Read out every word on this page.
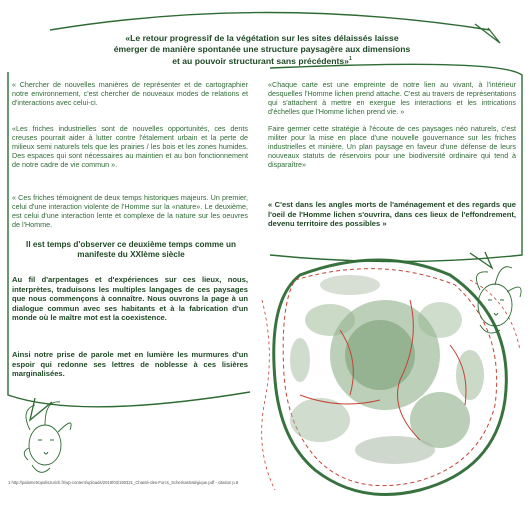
«Le retour progressif de la végétation sur les sites délaissés laisse émerger de manière spontanée une structure paysagère aux dimensions et au pouvoir structurant sans précédents»$^1$
« Chercher de nouvelles manières de représenter et de cartographier notre environnement, c'est chercher de nouveaux modes de relations et d'interactions avec celui-ci.
«Les friches industrielles sont de nouvelles opportunités, ces dents creuses pourrait aider à lutter contre l'étalement urbain et la perte de milieux semi naturels tels que les prairies / les bois et les zones humides. Des espaces qui sont nécessaires au maintien et au bon fonctionnement de notre cadre de vie commun ».
« Ces friches témoignent de deux temps historiques majeurs. Un premier, celui d'une interaction violente de l'Homme sur la «nature». Le deuxième, est celui d'une interaction lente et complexe de la nature sur les oeuvres de l'Homme.
Il est temps d'observer ce deuxième temps comme un manifeste du XXIème siècle
Au fil d'arpentages et d'expériences sur ces lieux, nous, interprètes, traduisons les multiples langages de ces paysages que nous commençons à connaître. Nous ouvrons la page à un dialogue commun avec ses habitants et à la fabrication d'un monde où le maître mot est la coexistence.
Ainsi notre prise de parole met en lumière les murmures d'un espoir qui redonne ses lettres de noblesse à ces lisières marginalisées.
«Chaque carte est une empreinte de notre lien au vivant, à l'intérieur desquelles l'Homme lichen prend attache. C'est au travers de représentations qui s'attachent à mettre en exergue les interactions et les intrications d'échelles que l'Homme lichen prend vie. »
Faire germer cette stratégie à l'écoute de ces paysages néo naturels, c'est militer pour la mise en place d'une nouvelle gouvernance sur les friches industrielles et minière. Un plan paysage en faveur d'une défense de leurs nouveaux statuts de réservoirs pour une biodiversité ordinaire qui tend à disparaître»
« C'est dans les angles morts de l'aménagement et des regards que l'oeil de l'Homme lichen s'ouvrira, dans ces lieux de l'effondrement, devenu territoire des possibles »
1 http://palametropoliszurich.fr/wp-content/uploads/2019/03/190321_Chanté-des-Forcs_Schemastratégique.pdf - citation p.8
